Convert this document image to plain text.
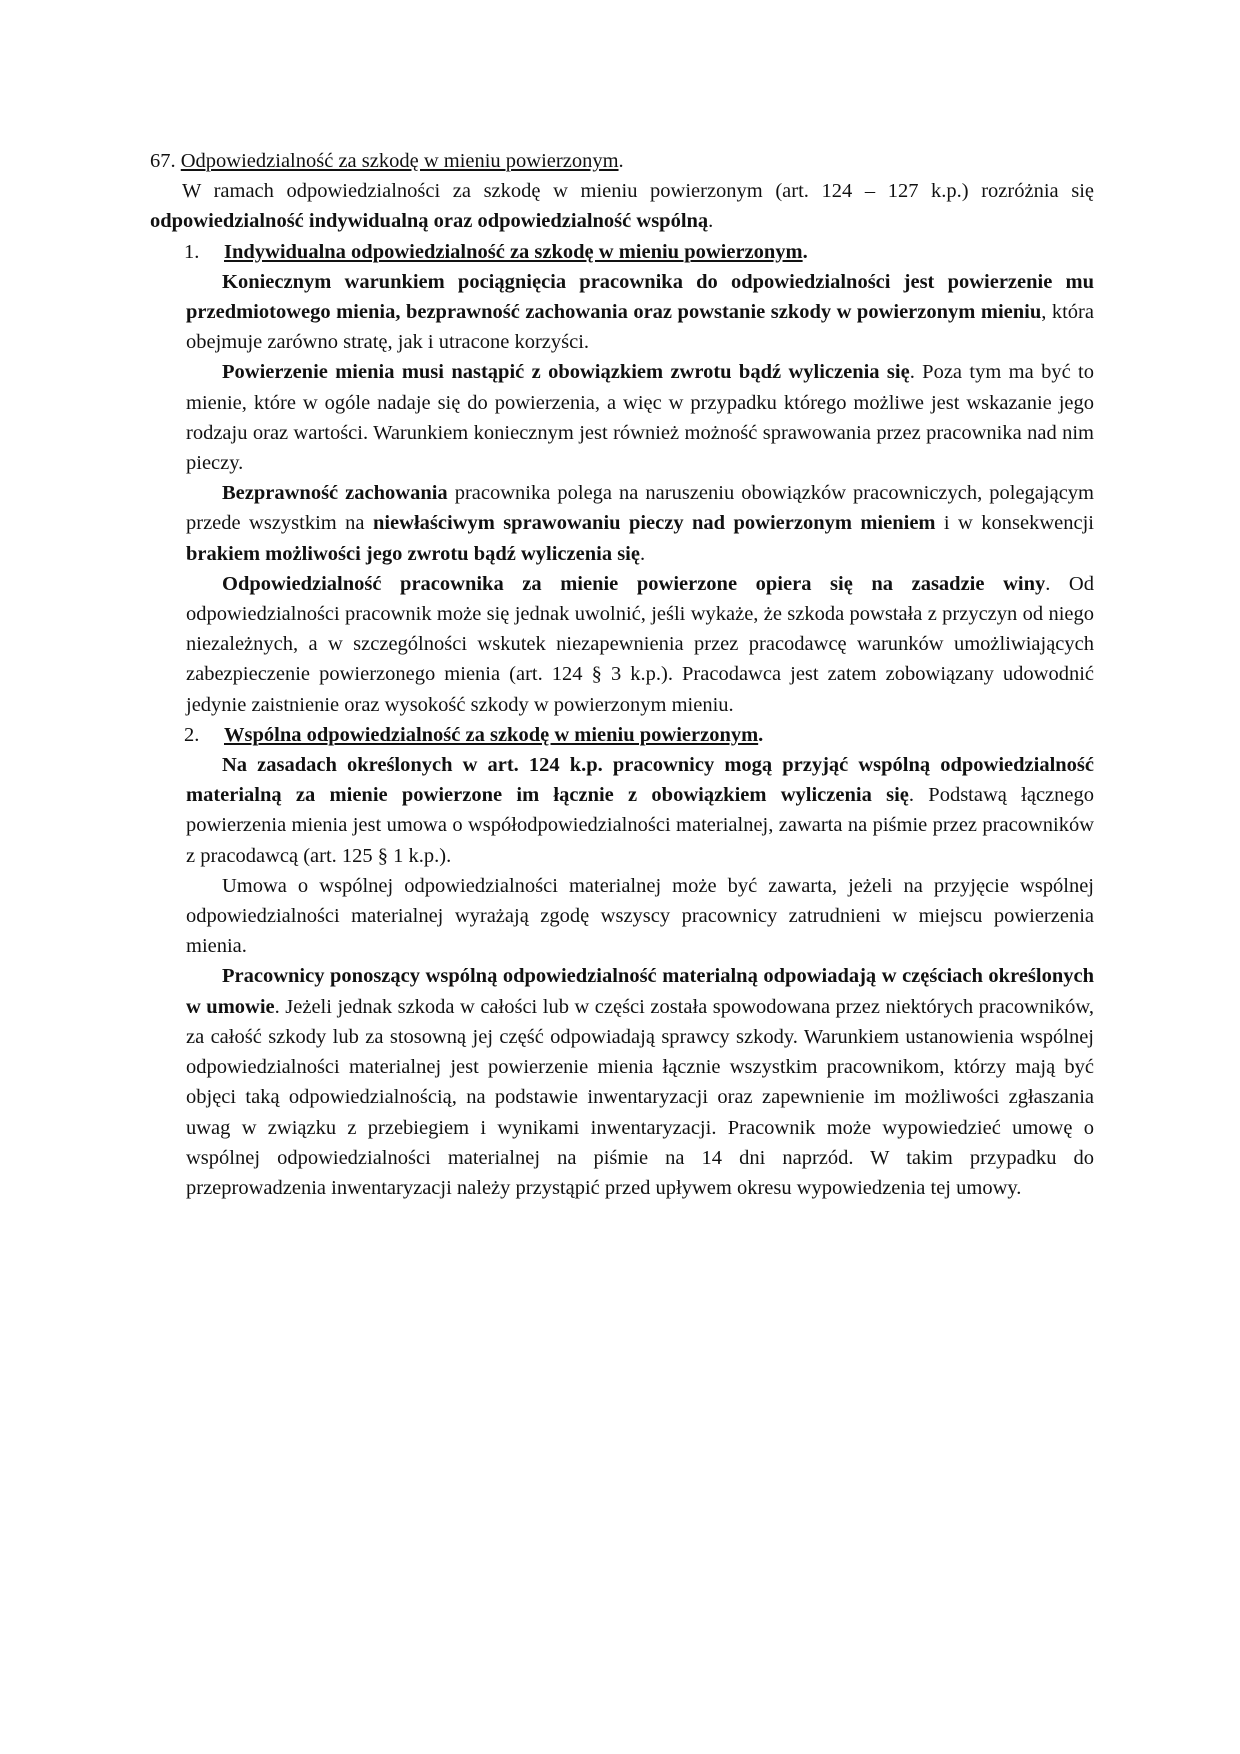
67. Odpowiedzialność za szkodę w mieniu powierzonym.

W ramach odpowiedzialności za szkodę w mieniu powierzonym (art. 124 – 127 k.p.) rozróżnia się odpowiedzialność indywidualną oraz odpowiedzialność wspólną.

1. Indywidualna odpowiedzialność za szkodę w mieniu powierzonym.

Koniecznym warunkiem pociągnięcia pracownika do odpowiedzialności jest powierzenie mu przedmiotowego mienia, bezprawność zachowania oraz powstanie szkody w powierzonym mieniu, która obejmuje zarówno stratę, jak i utracone korzyści.

Powierzenie mienia musi nastąpić z obowiązkiem zwrotu bądź wyliczenia się. Poza tym ma być to mienie, które w ogóle nadaje się do powierzenia, a więc w przypadku którego możliwe jest wskazanie jego rodzaju oraz wartości. Warunkiem koniecznym jest również możność sprawowania przez pracownika nad nim pieczy.

Bezprawność zachowania pracownika polega na naruszeniu obowiązków pracowniczych, polegającym przede wszystkim na niewłaściwym sprawowaniu pieczy nad powierzonym mieniem i w konsekwencji brakiem możliwości jego zwrotu bądź wyliczenia się.

Odpowiedzialność pracownika za mienie powierzone opiera się na zasadzie winy. Od odpowiedzialności pracownik może się jednak uwolnić, jeśli wykaże, że szkoda powstała z przyczyn od niego niezależnych, a w szczególności wskutek niezapewnienia przez pracodawcę warunków umożliwiających zabezpieczenie powierzonego mienia (art. 124 § 3 k.p.). Pracodawca jest zatem zobowiązany udowodnić jedynie zaistnienie oraz wysokość szkody w powierzonym mieniu.

2. Wspólna odpowiedzialność za szkodę w mieniu powierzonym.

Na zasadach określonych w art. 124 k.p. pracownicy mogą przyjąć wspólną odpowiedzialność materialną za mienie powierzone im łącznie z obowiązkiem wyliczenia się. Podstawą łącznego powierzenia mienia jest umowa o współodpowiedzialności materialnej, zawarta na piśmie przez pracowników z pracodawcą (art. 125 § 1 k.p.).

Umowa o wspólnej odpowiedzialności materialnej może być zawarta, jeżeli na przyjęcie wspólnej odpowiedzialności materialnej wyrażają zgodę wszyscy pracownicy zatrudnieni w miejscu powierzenia mienia.

Pracownicy ponoszący wspólną odpowiedzialność materialną odpowiadają w częściach określonych w umowie. Jeżeli jednak szkoda w całości lub w części została spowodowana przez niektórych pracowników, za całość szkody lub za stosowną jej część odpowiadają sprawcy szkody. Warunkiem ustanowienia wspólnej odpowiedzialności materialnej jest powierzenie mienia łącznie wszystkim pracownikom, którzy mają być objęci taką odpowiedzialnością, na podstawie inwentaryzacji oraz zapewnienie im możliwości zgłaszania uwag w związku z przebiegiem i wynikami inwentaryzacji. Pracownik może wypowiedzieć umowę o wspólnej odpowiedzialności materialnej na piśmie na 14 dni naprzód. W takim przypadku do przeprowadzenia inwentaryzacji należy przystąpić przed upływem okresu wypowiedzenia tej umowy.
